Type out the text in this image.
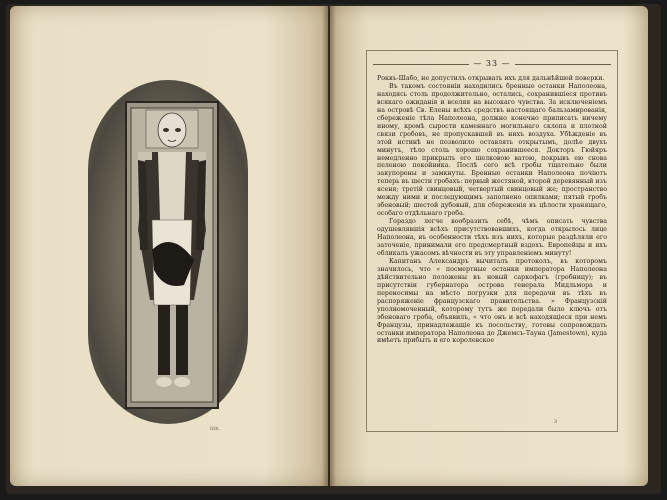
lith.
— 33 —

Роквъ-Шабо, не допустилъ открывать ихъ для дальнѣйшей поверки.

Въ такомъ состояніи находились бренные останки Наполеона, находясь столь продолжительно, остались, сохранившіеся противъ всякаго ожиданія и вселяя на высокаго чувства. За исключеніемъ на островѣ Св. Елены всѣхъ средствъ настоящаго бальзамированія, сбереженіе тѣла Наполеона, должно конечно приписать ничему иному, кромѣ сырости каменнаго могильнаго склепа и плотной связи гробовъ, не пропускавшей въ нихъ воздуха. Убѣжденіе въ этой истинѣ не позволило оставлять открытымъ, долѣе двухъ минутъ, тѣло столь хорошо сохранившееся. Докторъ Гюйяръ немедленно прикрылъ его шелковою ватою, покрывъ ею снова пеленою покойника. Послѣ сего всѣ гробы тщательно были закупорены и замкнуты. Бренные останки Наполеона почіютъ теперь въ шести гробахъ: первый жестяной, второй деревянный изъ ясеня; третій свинцовый, четвертый свинцовый же; пространство между ними и последующимъ заполнено опилками; пятый гробъ эбеновый; шестой дубовый, для сбереженія въ цѣлости хранящаго, особаго отдѣльнаго гроба.

Гораздо легче вообразить себѣ, чѣмъ описать чувства одушевлявшія всѣхъ присутствовавшихъ, когда открылось лице Наполеона, въ особенности тѣхъ изъ нихъ, которые раздѣляли его заточеніе, принимали его предсмертный вздохъ. Европейцы и ихъ обликалъ ужасомъ вѣчности въ эту управленіемъ минуту!

Капитанъ Александръ вычиталъ протоколъ, въ которомъ значилось, что « посмертные останки императора Наполеона дѣйствительно положены въ новый саркофагъ (гробницу); въ присутствіи губернатора острова генерала Мидльмора и переносимы на мѣсто погрузки для передачи въ тѣхъ въ распоряженіе французскаго правительства. » Французскій уполномоченный, которому тутъ же передали было ключъ отъ эбеноваго гроба, объявилъ, « что онъ и всѣ находящіеся при немъ Французы, принадлежащіе къ посольству, готовы сопровождать останки императора Наполеона до Джемсъ-Тауна (Jamestown), куда имѣетъ прибыть и его королевское

3
